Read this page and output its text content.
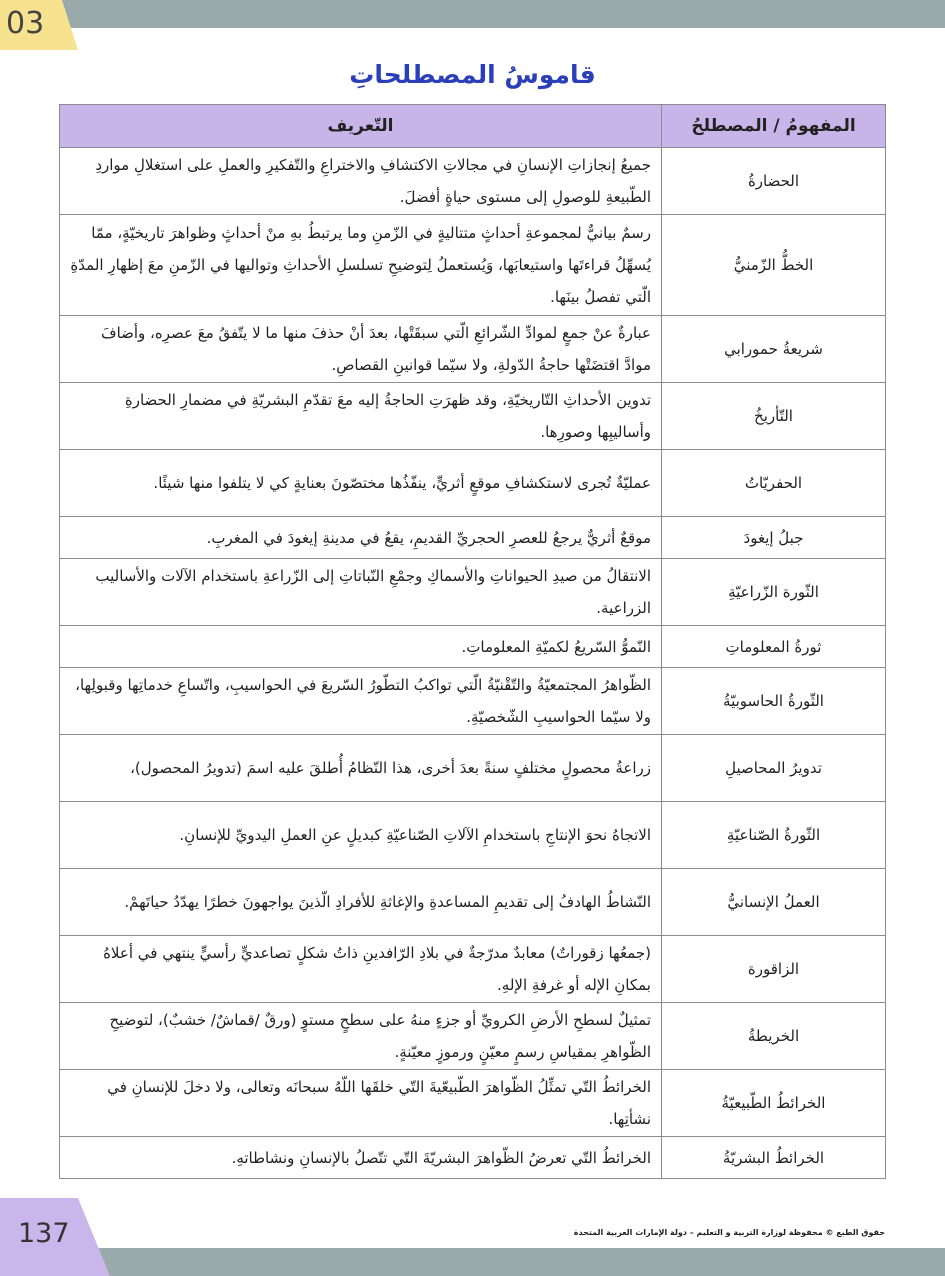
03
قاموسُ المصطلحاتِ
المفهومُ / المصطلحُ	التّعريف
الحضارةُ	جميعُ إنجازاتِ الإنسانِ في مجالاتِ الاكتشافِ والاختراعِ والتّفكيرِ والعملِ على استغلالِ مواردِ الطّبيعةِ للوصولِ إلى مستوى حياةٍ أفضلَ.
الخطُّ الزّمنيُّ	رسمٌ بيانيٌّ لمجموعةِ أحداثٍ متتاليةٍ في الزّمنِ وما يرتبطُ بهِ منْ أحداثٍ وظواهرَ تاريخيّةٍ، ممّا يُسهِّلُ قراءتَها واستيعابَها، وَيُستعملُ لِتوضيحِ تسلسلِ الأحداثِ وتواليها في الزّمنِ معَ إظهارِ المدّةِ الّتي تفصلُ بينَها.
شريعةُ حمورابي	عبارةٌ عنْ جمعٍ لموادِّ الشّرائعِ الّتي سبقَتْها، بعدَ أنْ حذفَ منها ما لا يتّفقُ معَ عصرِه، وأضافَ موادَّ اقتضَتْها حاجةُ الدّولةِ، ولا سيّما قوانينِ القصاصِ.
التّأريخُ	تدوين الأحداثِ التّاريخيّةِ، وقد ظهرَتِ الحاجةُ إليه معَ تقدّمِ البشريّةِ في مضمارِ الحضارةِ وأساليبِها وصورِها.
الحفريّاتُ	عمليّةٌ تُجرى لاستكشافِ موقعٍ أثريٍّ، ينفّذُها مختصّونَ بعنايةٍ كي لا يتلفوا منها شيئًا.
جبلُ إيغودَ	موقعٌ أثريٌّ يرجعُ للعصرِ الحجريِّ القديمِ، يقعُ في مدينةِ إيغودَ في المغربِ.
الثّورة الزّراعيّةِ	الانتقالُ من صيدِ الحيواناتِ والأسماكِ وجمْعِ النّباتاتِ إلى الزّراعةِ باستخدام الآلات والأساليب الزراعية.
ثورةُ المعلوماتِ	النّموُّ السّريعُ لكميّةِ المعلوماتِ.
الثّورةُ الحاسوبيّةُ	الظّواهرُ المجتمعيّةُ والتّقْنيّةُ الّتي تواكبُ التطّورُ السّريعَ في الحواسيبِ، واتّساعِ خدماتِها وقبولِها، ولا سيّما الحواسيبِ الشّخصيّةِ.
تدويرُ المحاصيلِ	زراعةُ محصولٍ مختلفٍ سنةً بعدَ أخرى، هذا النّظامُ أُطلقَ عليه اسمَ (تدويرُ المحصول)،
الثّورةُ الصّناعيّةِ	الاتجاهُ نحوَ الإنتاجِ باستخدامِ الآلاتِ الصّناعيّةِ كبديلٍ عنِ العملِ اليدويِّ للإنسانِ.
العملُ الإنسانيُّ	النّشاطُ الهادفُ إلى تقديمِ المساعدةِ والإغاثةِ للأفرادِ الّذينَ يواجهونَ خطرًا يهدّدُ حياتَهمْ.
الزاقورة	(جمعُها زقوراتٌ) معابدٌ مدرّجةٌ في بلادِ الرّافدينِ ذاتُ شكلٍ تصاعديٍّ رأسيٍّ ينتهي في أعلاهُ بمكانِ الإله أو غرفةِ الإلهِ.
الخريطةُ	تمثيلٌ لسطحِ الأرضِ الكرويِّ أو جزءٍ منهُ على سطحٍ مستوٍ (ورقٌ /قماشٌ/ خشبٌ)، لتوضيحِ الظّواهرِ بمقياسِ رسمٍ معيّنٍ ورموزٍ معيّنةٍ.
الخرائطُ الطّبيعيّةُ	الخرائطُ التّي تمثِّلُ الظّواهرَ الطّبيعّيةَ التّي خلقَها اللّهُ سبحانَه وتعالى، ولا دخلَ للإنسانِ في نشأتِها.
الخرائطُ البشريّةُ	الخرائطُ التّي تعرضُ الظّواهرَ البشريّةَ التّي تتّصلُ بالإنسانِ ونشاطاتهِ.
137	حقوق الطبع © محفوظة لوزارة التربية و التعليم – دولة الإمارات العربية المتحدة
